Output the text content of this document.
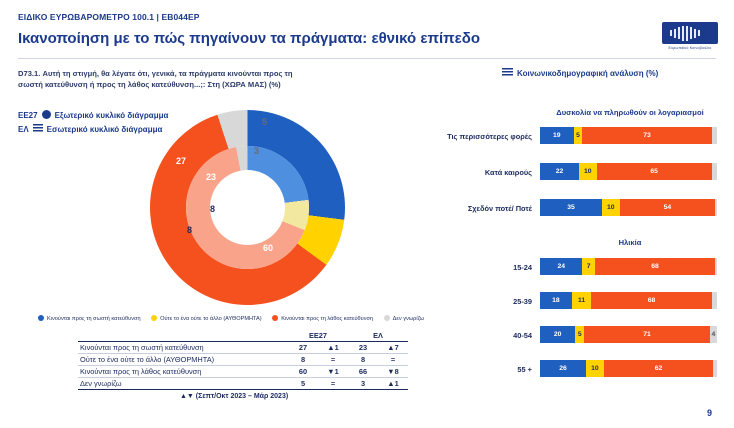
ΕΙΔΙΚΟ ΕΥΡΩΒΑΡΟΜΕΤΡΟ 100.1 | EB044EP
Ικανοποίηση με το πώς πηγαίνουν τα πράγματα: εθνικό επίπεδο
D73.1. Αυτή τη στιγμή, θα λέγατε ότι, γενικά, τα πράγματα κινούνται προς τη σωστή κατεύθυνση ή προς τη λάθος κατεύθυνση...;: Στη (ΧΩΡΑ ΜΑΣ) (%)
Ευρωπαϊκό Κοινοβούλιο
Κοινωνικοδημογραφική ανάλυση (%)
ΕΕ27 Εξωτερικό κυκλικό διάγραμμα
ΕΛ Εσωτερικό κυκλικό διάγραμμα
27
8
60
5
23
8	66
3
Κινούνται προς τη σωστή κατεύθυνση	Ούτε το ένα ούτε το άλλο (ΑΥΘΟΡΜΗΤΑ)	Κινούνται προς τη λάθος κατεύθυνση	Δεν γνωρίζω
	ΕΕ27		ΕΛ	
Κινούνται προς τη σωστή κατεύθυνση	27	▲1	23	▲7
Ούτε το ένα ούτε το άλλο (ΑΥΘΟΡΜΗΤΑ)	8	=	8	=
Κινούνται προς τη λάθος κατεύθυνση	60	▼1	66	▼8
Δεν γνωρίζω	5	=	3	▲1
▲▼ (Σεπτ/Οκτ 2023 – Μάρ 2023)
9
Δυσκολία να πληρωθούν οι λογαριασμοί
Τις περισσότερες φορές	19	5	73
Κατά καιρούς	22	10	65
Σχεδόν ποτέ/ Ποτέ	35	10	54
Ηλικία
15-24	24	7	68
25-39	18	11	68
40-54	20	5	71	4
55 +	26	10	62
